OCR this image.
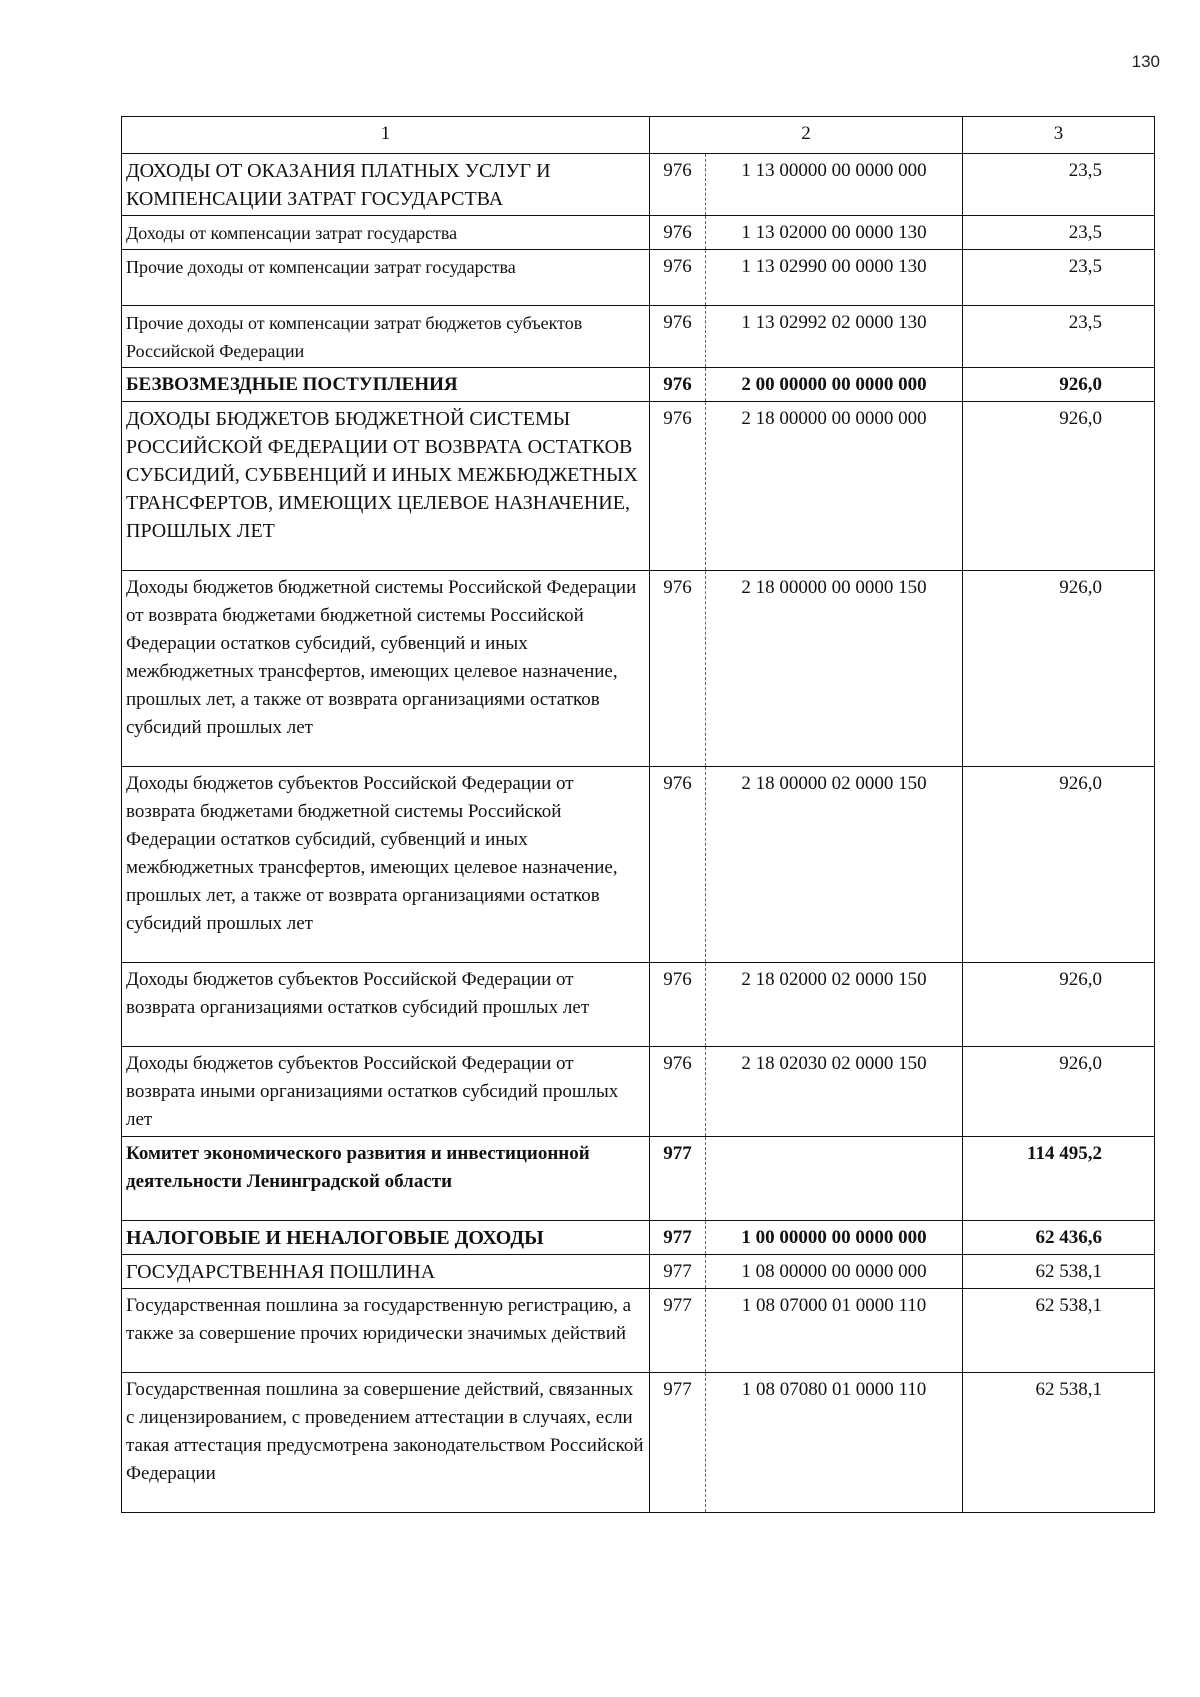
130
1	2		3
ДОХОДЫ ОТ ОКАЗАНИЯ ПЛАТНЫХ УСЛУГ И КОМПЕНСАЦИИ ЗАТРАТ ГОСУДАРСТВА	976	1 13 00000 00 0000 000	23,5
Доходы от компенсации затрат государства	976	1 13 02000 00 0000 130	23,5
Прочие доходы от компенсации затрат государства	976	1 13 02990 00 0000 130	23,5
Прочие доходы от компенсации затрат бюджетов субъектов Российской Федерации	976	1 13 02992 02 0000 130	23,5
БЕЗВОЗМЕЗДНЫЕ ПОСТУПЛЕНИЯ	976	2 00 00000 00 0000 000	926,0
ДОХОДЫ БЮДЖЕТОВ БЮДЖЕТНОЙ СИСТЕМЫ РОССИЙСКОЙ ФЕДЕРАЦИИ ОТ ВОЗВРАТА ОСТАТКОВ СУБСИДИЙ, СУБВЕНЦИЙ И ИНЫХ МЕЖБЮДЖЕТНЫХ ТРАНСФЕРТОВ, ИМЕЮЩИХ ЦЕЛЕВОЕ НАЗНАЧЕНИЕ, ПРОШЛЫХ ЛЕТ	976	2 18 00000 00 0000 000	926,0
Доходы бюджетов бюджетной системы Российской Федерации от возврата бюджетами бюджетной системы Российской Федерации остатков субсидий, субвенций и иных межбюджетных трансфертов, имеющих целевое назначение, прошлых лет, а также от возврата организациями остатков субсидий прошлых лет	976	2 18 00000 00 0000 150	926,0
Доходы бюджетов субъектов Российской Федерации от возврата бюджетами бюджетной системы Российской Федерации остатков субсидий, субвенций и иных межбюджетных трансфертов, имеющих целевое назначение, прошлых лет, а также от возврата организациями остатков субсидий прошлых лет	976	2 18 00000 02 0000 150	926,0
Доходы бюджетов субъектов Российской Федерации от возврата организациями остатков субсидий прошлых лет	976	2 18 02000 02 0000 150	926,0
Доходы бюджетов субъектов Российской Федерации от возврата иными организациями остатков субсидий прошлых лет	976	2 18 02030 02 0000 150	926,0
Комитет экономического развития и инвестиционной деятельности Ленинградской области	977		114 495,2
НАЛОГОВЫЕ И НЕНАЛОГОВЫЕ ДОХОДЫ	977	1 00 00000 00 0000 000	62 436,6
ГОСУДАРСТВЕННАЯ ПОШЛИНА	977	1 08 00000 00 0000 000	62 538,1
Государственная пошлина за государственную регистрацию, а также за совершение прочих юридически значимых действий	977	1 08 07000 01 0000 110	62 538,1
Государственная пошлина за совершение действий, связанных с лицензированием, с проведением аттестации в случаях, если такая аттестация предусмотрена законодательством Российской Федерации	977	1 08 07080 01 0000 110	62 538,1
